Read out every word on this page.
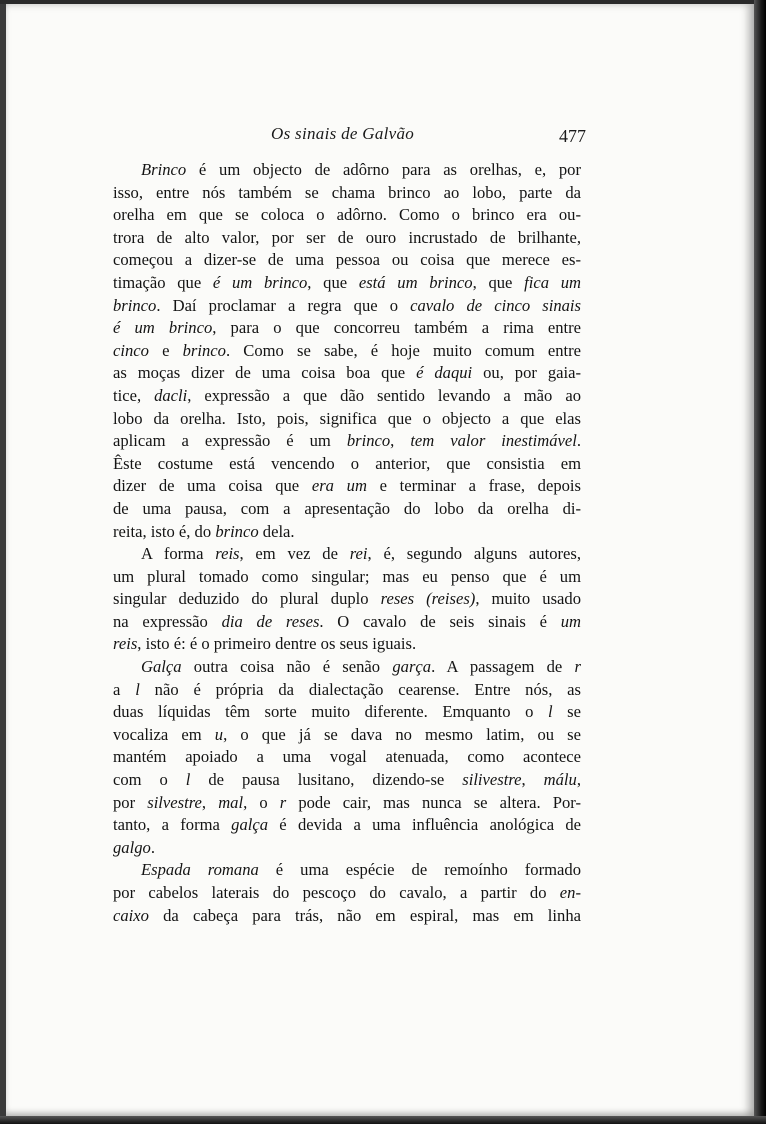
Os sinais de Galvão	477
Brinco é um objecto de adôrno para as orelhas, e, por
isso, entre nós também se chama brinco ao lobo, parte da
orelha em que se coloca o adôrno. Como o brinco era ou-
trora de alto valor, por ser de ouro incrustado de brilhante,
começou a dizer-se de uma pessoa ou coisa que merece es-
timação que é um brinco, que está um brinco, que fica um
brinco. Daí proclamar a regra que o cavalo de cinco sinais
é um brinco, para o que concorreu também a rima entre
cinco e brinco. Como se sabe, é hoje muito comum entre
as moças dizer de uma coisa boa que é daqui ou, por gaia-
tice, dacli, expressão a que dão sentido levando a mão ao
lobo da orelha. Isto, pois, significa que o objecto a que elas
aplicam a expressão é um brinco, tem valor inestimável.
Êste costume está vencendo o anterior, que consistia em
dizer de uma coisa que era um e terminar a frase, depois
de uma pausa, com a apresentação do lobo da orelha di-
reita, isto é, do brinco dela.
A forma reis, em vez de rei, é, segundo alguns autores,
um plural tomado como singular; mas eu penso que é um
singular deduzido do plural duplo reses (reises), muito usado
na expressão dia de reses. O cavalo de seis sinais é um
reis, isto é: é o primeiro dentre os seus iguais.
Galça outra coisa não é senão garça. A passagem de r
a l não é própria da dialectação cearense. Entre nós, as
duas líquidas têm sorte muito diferente. Emquanto o l se
vocaliza em u, o que já se dava no mesmo latim, ou se
mantém apoiado a uma vogal atenuada, como acontece
com o l de pausa lusitano, dizendo-se silivestre, málu,
por silvestre, mal, o r pode cair, mas nunca se altera. Por-
tanto, a forma galça é devida a uma influência anológica de
galgo.
Espada romana é uma espécie de remoínho formado
por cabelos laterais do pescoço do cavalo, a partir do en-
caixo da cabeça para trás, não em espiral, mas em linha
